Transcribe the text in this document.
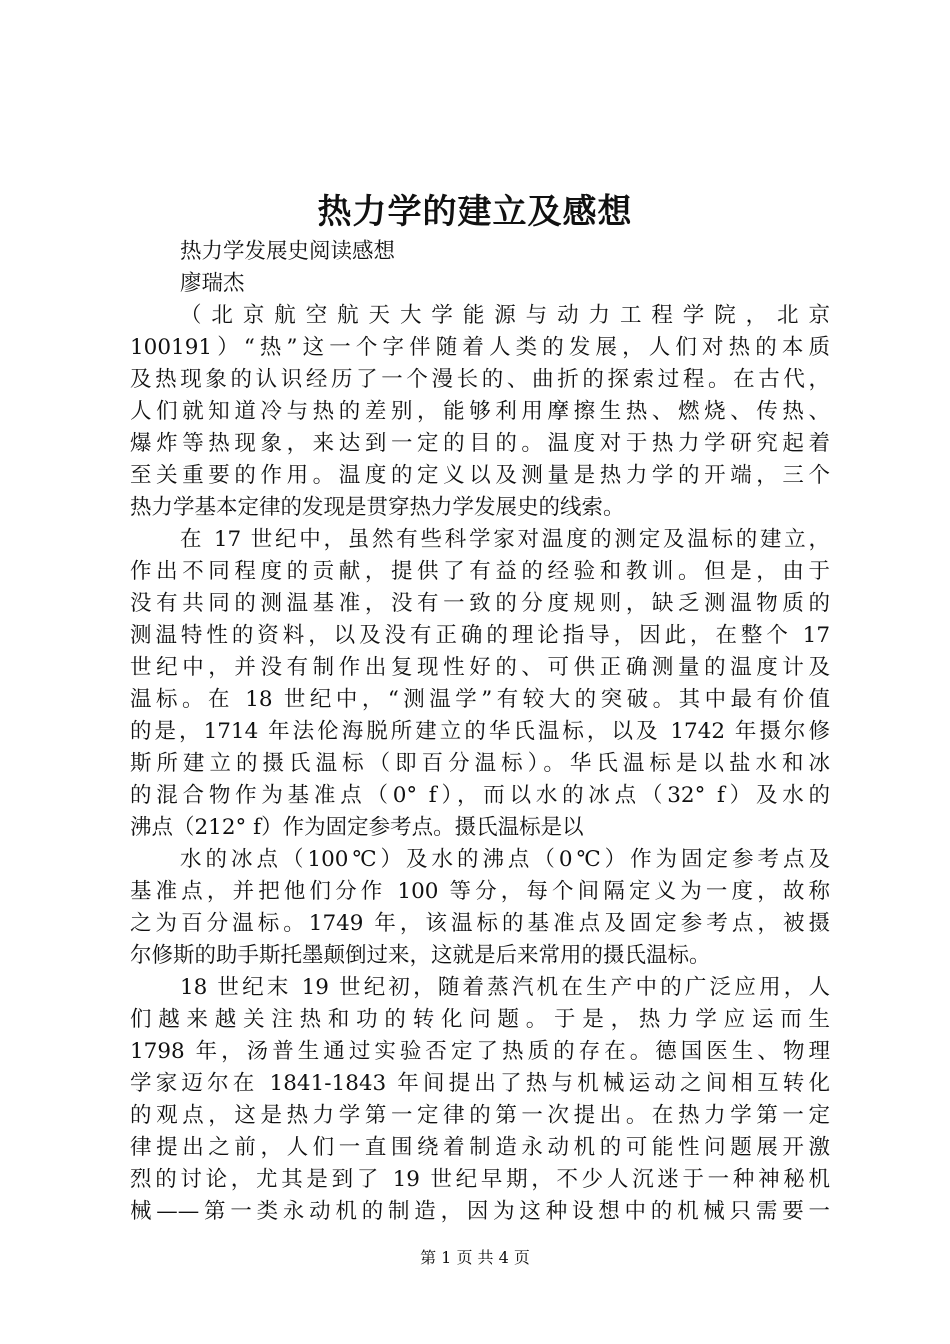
热力学的建立及感想
热力学发展史阅读感想
廖瑞杰
（北京航空航天大学能源与动力工程学院，北京
100191）“热”这一个字伴随着人类的发展，人们对热的本质
及热现象的认识经历了一个漫长的、曲折的探索过程。在古代，
人们就知道冷与热的差别，能够利用摩擦生热、燃烧、传热、
爆炸等热现象，来达到一定的目的。温度对于热力学研究起着
至关重要的作用。温度的定义以及测量是热力学的开端，三个
热力学基本定律的发现是贯穿热力学发展史的线索。
在 17 世纪中，虽然有些科学家对温度的测定及温标的建立，
作出不同程度的贡献，提供了有益的经验和教训。但是，由于
没有共同的测温基准，没有一致的分度规则，缺乏测温物质的
测温特性的资料，以及没有正确的理论指导，因此，在整个 17
世纪中，并没有制作出复现性好的、可供正确测量的温度计及
温标。在 18 世纪中，“测温学”有较大的突破。其中最有价值
的是，1714 年法伦海脱所建立的华氏温标，以及 1742 年摄尔修
斯所建立的摄氏温标（即百分温标）。华氏温标是以盐水和冰
的混合物作为基准点（0° f），而以水的冰点（32° f）及水的
沸点（212° f）作为固定参考点。摄氏温标是以
水的冰点（100℃）及水的沸点（0℃）作为固定参考点及
基准点，并把他们分作 100 等分，每个间隔定义为一度，故称
之为百分温标。1749 年，该温标的基准点及固定参考点，被摄
尔修斯的助手斯托墨颠倒过来，这就是后来常用的摄氏温标。
18 世纪末 19 世纪初，随着蒸汽机在生产中的广泛应用，人
们越来越关注热和功的转化问题。于是，热力学应运而生
1798 年，汤普生通过实验否定了热质的存在。德国医生、物理
学家迈尔在 1841-1843 年间提出了热与机械运动之间相互转化
的观点，这是热力学第一定律的第一次提出。在热力学第一定
律提出之前，人们一直围绕着制造永动机的可能性问题展开激
烈的讨论，尤其是到了 19 世纪早期，不少人沉迷于一种神秘机
械——第一类永动机的制造，因为这种设想中的机械只需要一
第 1 页 共 4 页
